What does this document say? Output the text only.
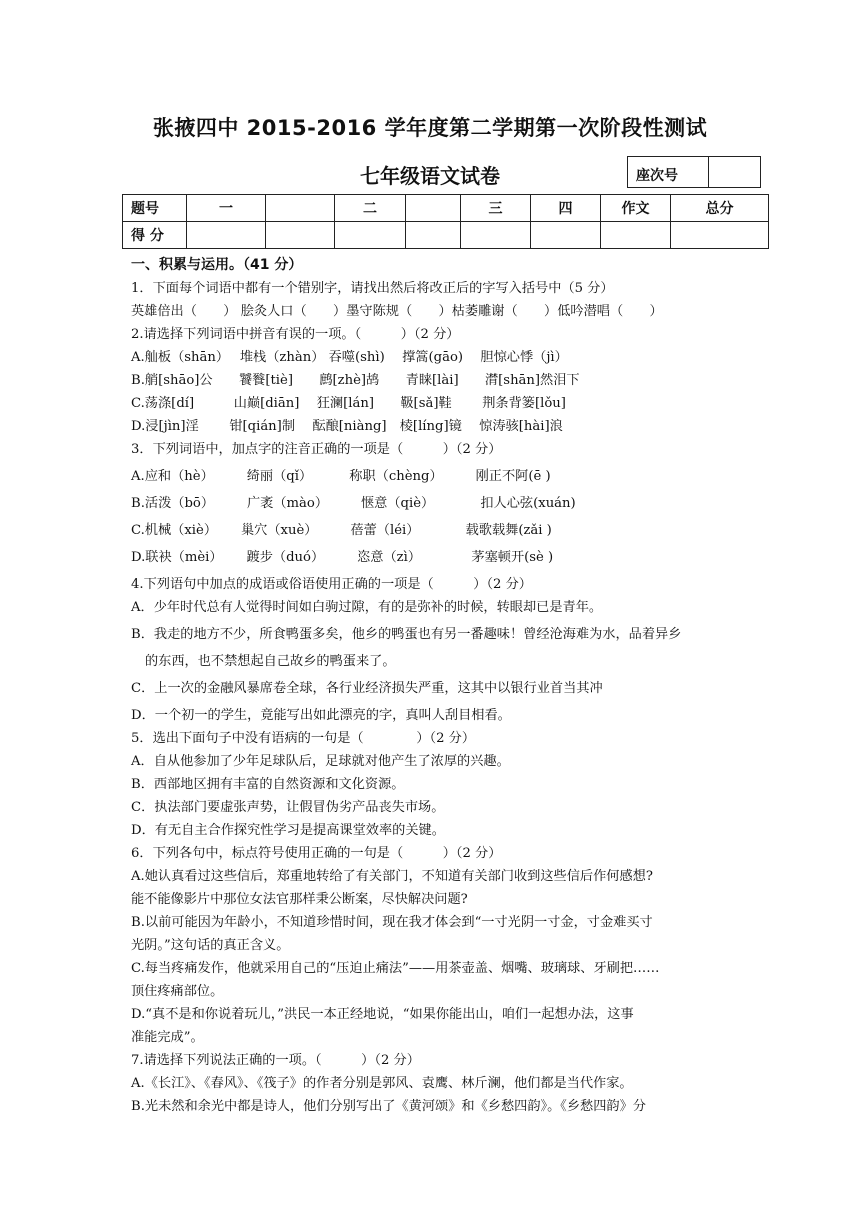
张掖四中 2015-2016 学年度第二学期第一次阶段性测试
七年级语文试卷	座次号
题号	一		二		三	四	作文	总分
得 分								
一、积累与运用。（41 分）
1．下面每个词语中都有一个错别字，请找出然后将改正后的字写入括号中（5 分）
英雄倍出（　　） 脍灸人口（　　）墨守陈规（　　）枯萎雕谢（　　）低吟潜唱（　　）
2.请选择下列词语中拼音有误的一项。（　　　）（2 分）
A.舢板（shān）　 堆栈（zhàn） 吞噬(shì)　 撑篙(gāo)　 胆惊心悸（jì）
B.艄[shāo]公　　饕餮[tiè]　　鹧[zhè]鸪　　青睐[lài]　　潸[shān]然泪下
C.荡涤[dí]　　　山巅[diān]　 狂澜[lán]　　靸[sǎ]鞋　　 荆条背篓[lǒu]
D.浸[jìn]淫　　 钳[qián]制　 酝酿[niàng]　棱[líng]镜　 惊涛骇[hài]浪
3．下列词语中，加点字的注音正确的一项是（　　　）（2 分）
A.应和（hè）　　　绮丽（qǐ）　　　 称职（chèng）　　　刚正不阿(ē )
B.活泼（bō）　　　广袤（mào）　　　惬意（qiè）　　　　扣人心弦(xuán)
C.机械（xiè）　　 巢穴（xuè）　　　蓓蕾（léi）　　　　载歌载舞(zǎi )
D.联袂（mèi）　　 踱步（duó）　　　恣意（zì）　　　　 茅塞顿开(sè )
4.下列语句中加点的成语或俗语使用正确的一项是（　　　）（2 分）
A．少年时代总有人觉得时间如白驹过隙，有的是弥补的时候，转眼却已是青年。
B．我走的地方不少，所食鸭蛋多矣，他乡的鸭蛋也有另一番趣味！曾经沧海难为水，品着异乡
的东西，也不禁想起自己故乡的鸭蛋来了。
C．上一次的金融风暴席卷全球，各行业经济损失严重，这其中以银行业首当其冲
D．一个初一的学生，竟能写出如此漂亮的字，真叫人刮目相看。
5．选出下面句子中没有语病的一句是（　　　　）（2 分）
A．自从他参加了少年足球队后，足球就对他产生了浓厚的兴趣。
B．西部地区拥有丰富的自然资源和文化资源。
C．执法部门要虚张声势，让假冒伪劣产品丧失市场。
D．有无自主合作探究性学习是提高课堂效率的关键。
6．下列各句中，标点符号使用正确的一句是（　　　）（2 分）
A.她认真看过这些信后，郑重地转给了有关部门，不知道有关部门收到这些信后作何感想?
能不能像影片中那位女法官那样秉公断案，尽快解决问题?
B.以前可能因为年龄小，不知道珍惜时间，现在我才体会到“一寸光阴一寸金，寸金难买寸
光阴。”这句话的真正含义。
C.每当疼痛发作，他就采用自己的“压迫止痛法”——用茶壶盖、烟嘴、玻璃球、牙刷把……
顶住疼痛部位。
D.“真不是和你说着玩儿，”洪民一本正经地说，“如果你能出山，咱们一起想办法，这事
准能完成”。
7.请选择下列说法正确的一项。（　　　）（2 分）
A.《长江》、《春风》、《筏子》的作者分别是郭风、袁鹰、林斤澜，他们都是当代作家。
B.光未然和余光中都是诗人，他们分别写出了《黄河颂》和《乡愁四韵》。《乡愁四韵》分
